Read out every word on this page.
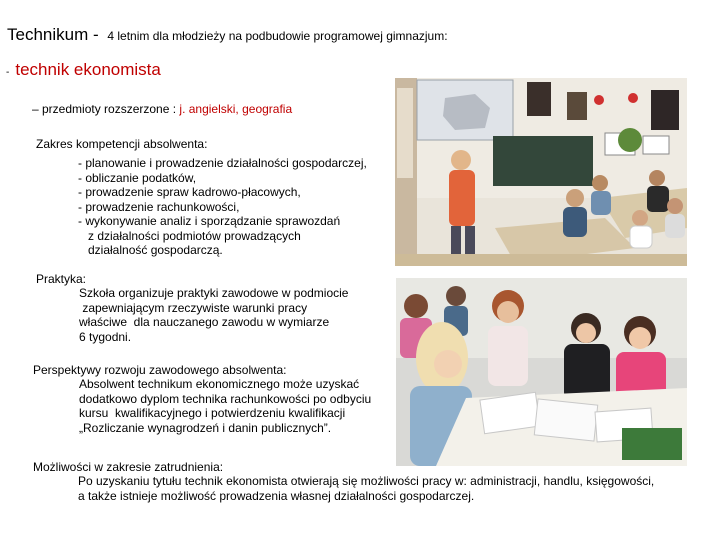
Technikum - 4 letnim dla młodzieży na podbudowie programowej gimnazjum:
- technik ekonomista
– przedmioty rozszerzone : j. angielski, geografia
Zakres kompetencji absolwenta:
- planowanie i prowadzenie działalności gospodarczej,
- obliczanie podatków,
- prowadzenie spraw kadrowo-płacowych,
- prowadzenie rachunkowości,
- wykonywanie analiz i sporządzanie sprawozdań
z działalności podmiotów prowadzących
działalność gospodarczą.
Praktyka:
Szkoła organizuje praktyki zawodowe w podmiocie
zapewniającym rzeczywiste warunki pracy
właściwe  dla nauczanego zawodu w wymiarze
6 tygodni.
Perspektywy rozwoju zawodowego absolwenta:
Absolwent technikum ekonomicznego może uzyskać
dodatkowo dyplom technika rachunkowości po odbyciu
kursu  kwalifikacyjnego i potwierdzeniu kwalifikacji
„Rozliczanie wynagrodzeń i danin publicznych”.
Możliwości w zakresie zatrudnienia:
Po uzyskaniu tytułu technik ekonomista otwierają się możliwości pracy w: administracji, handlu, księgowości,
a także istnieje możliwość prowadzenia własnej działalności gospodarczej.
